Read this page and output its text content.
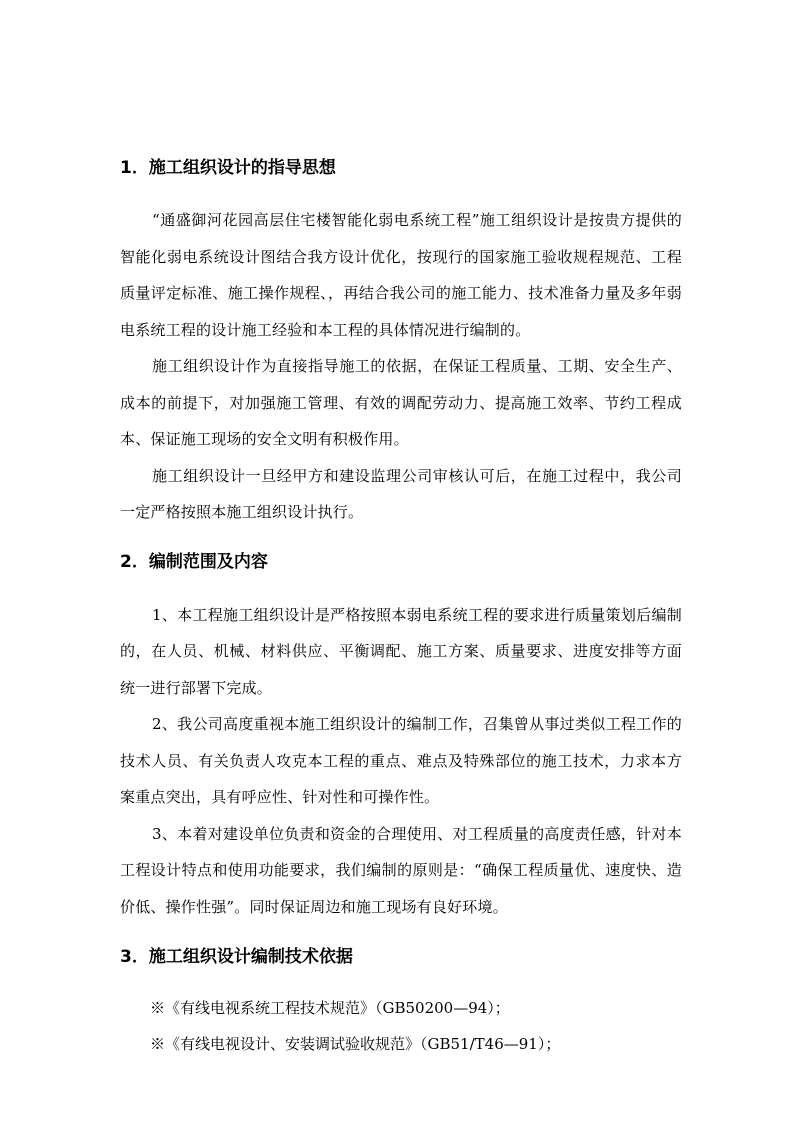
1．施工组织设计的指导思想

“通盛御河花园高层住宅楼智能化弱电系统工程”施工组织设计是按贵方提供的智能化弱电系统设计图结合我方设计优化，按现行的国家施工验收规程规范、工程质量评定标准、施工操作规程、，再结合我公司的施工能力、技术准备力量及多年弱电系统工程的设计施工经验和本工程的具体情况进行编制的。

施工组织设计作为直接指导施工的依据，在保证工程质量、工期、安全生产、成本的前提下，对加强施工管理、有效的调配劳动力、提高施工效率、节约工程成本、保证施工现场的安全文明有积极作用。

施工组织设计一旦经甲方和建设监理公司审核认可后，在施工过程中，我公司一定严格按照本施工组织设计执行。

2．编制范围及内容

1、本工程施工组织设计是严格按照本弱电系统工程的要求进行质量策划后编制的，在人员、机械、材料供应、平衡调配、施工方案、质量要求、进度安排等方面统一进行部署下完成。

2、我公司高度重视本施工组织设计的编制工作，召集曾从事过类似工程工作的技术人员、有关负责人攻克本工程的重点、难点及特殊部位的施工技术，力求本方案重点突出，具有呼应性、针对性和可操作性。

3、本着对建设单位负责和资金的合理使用、对工程质量的高度责任感，针对本工程设计特点和使用功能要求，我们编制的原则是：“确保工程质量优、速度快、造价低、操作性强”。同时保证周边和施工现场有良好环境。

3．施工组织设计编制技术依据

※《有线电视系统工程技术规范》（GB50200—94）；

※《有线电视设计、安装调试验收规范》（GB51/T46—91）；
